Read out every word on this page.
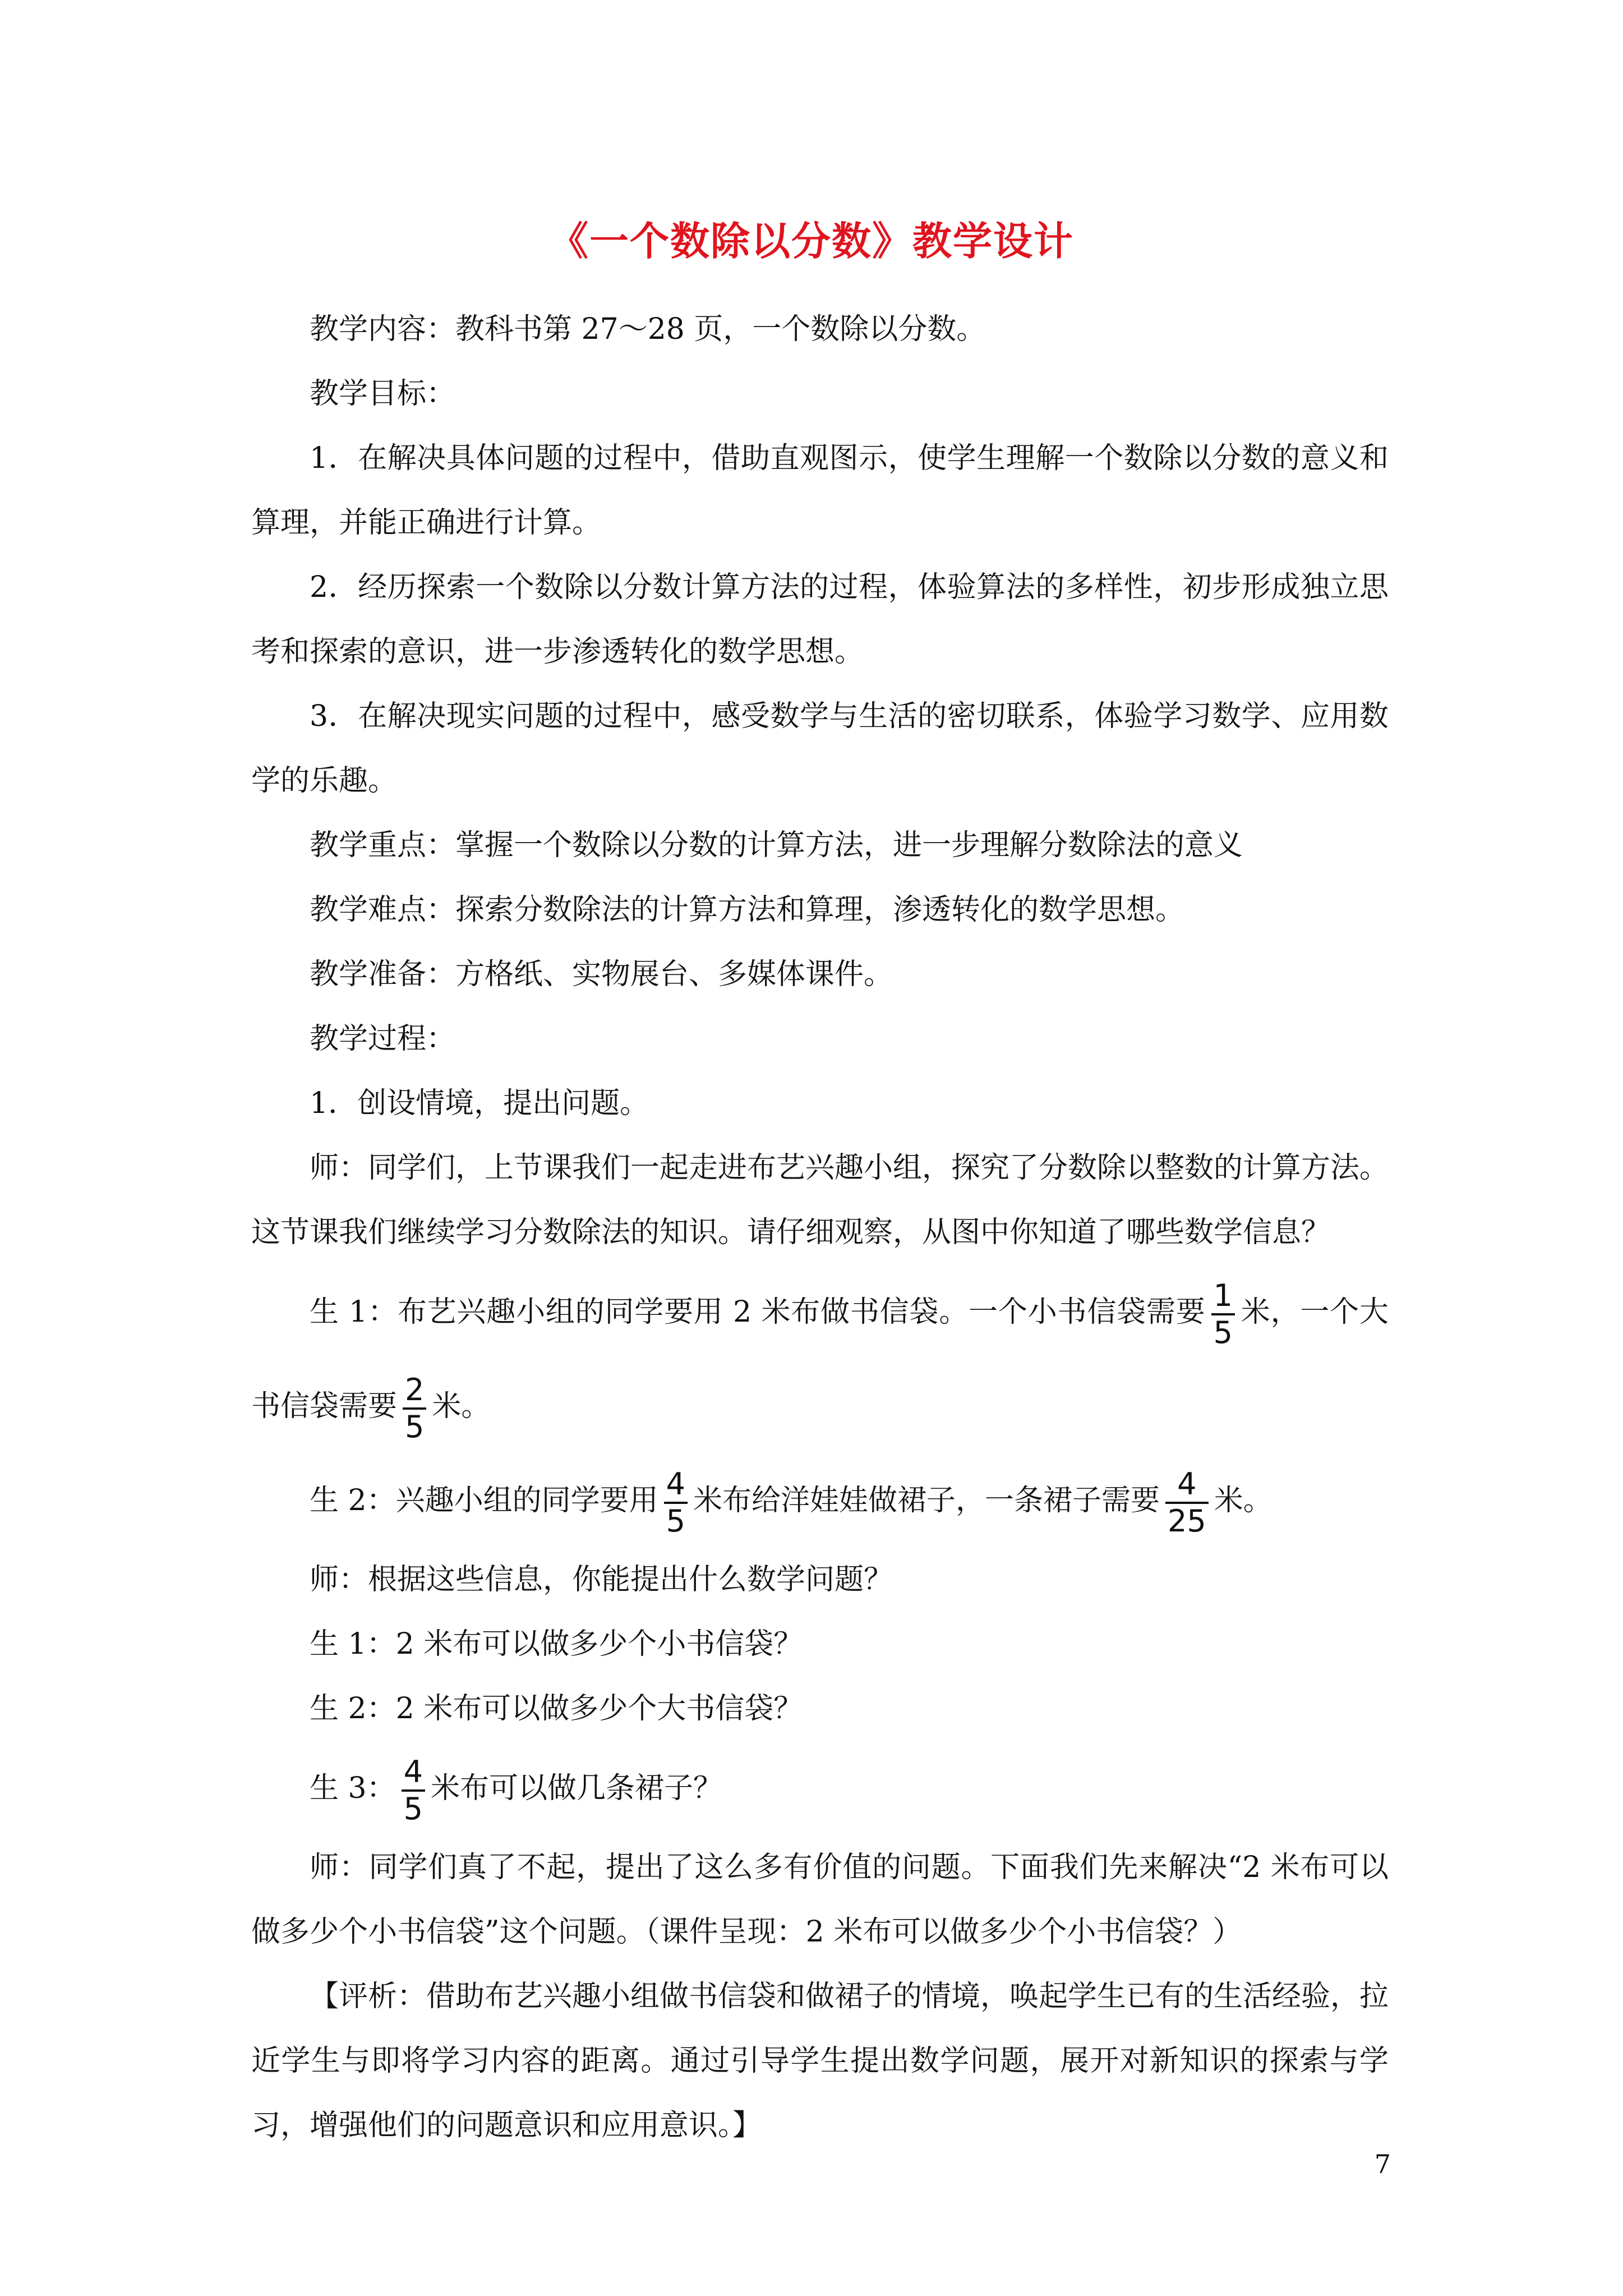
《一个数除以分数》教学设计

教学内容：教科书第 27～28 页，一个数除以分数。

教学目标：

1．在解决具体问题的过程中，借助直观图示，使学生理解一个数除以分数的意义和算理，并能正确进行计算。

2．经历探索一个数除以分数计算方法的过程，体验算法的多样性，初步形成独立思考和探索的意识，进一步渗透转化的数学思想。

3．在解决现实问题的过程中，感受数学与生活的密切联系，体验学习数学、应用数学的乐趣。

教学重点：掌握一个数除以分数的计算方法，进一步理解分数除法的意义

教学难点：探索分数除法的计算方法和算理，渗透转化的数学思想。

教学准备：方格纸、实物展台、多媒体课件。

教学过程：

1．创设情境，提出问题。

师：同学们，上节课我们一起走进布艺兴趣小组，探究了分数除以整数的计算方法。这节课我们继续学习分数除法的知识。请仔细观察，从图中你知道了哪些数学信息？

生 1：布艺兴趣小组的同学要用 2 米布做书信袋。一个小书信袋需要 $\frac{1}{5}$ 米，一个大书信袋需要 $\frac{2}{5}$ 米。

生 2：兴趣小组的同学要用 $\frac{4}{5}$ 米布给洋娃娃做裙子，一条裙子需要 $\frac{4}{25}$ 米。

师：根据这些信息，你能提出什么数学问题？

生 1：2 米布可以做多少个小书信袋？

生 2：2 米布可以做多少个大书信袋？

生 3： $\frac{4}{5}$ 米布可以做几条裙子？

师：同学们真了不起，提出了这么多有价值的问题。下面我们先来解决“2 米布可以做多少个小书信袋”这个问题。（课件呈现：2 米布可以做多少个小书信袋？）

【评析：借助布艺兴趣小组做书信袋和做裙子的情境，唤起学生已有的生活经验，拉近学生与即将学习内容的距离。通过引导学生提出数学问题，展开对新知识的探索与学习，增强他们的问题意识和应用意识。】

7
